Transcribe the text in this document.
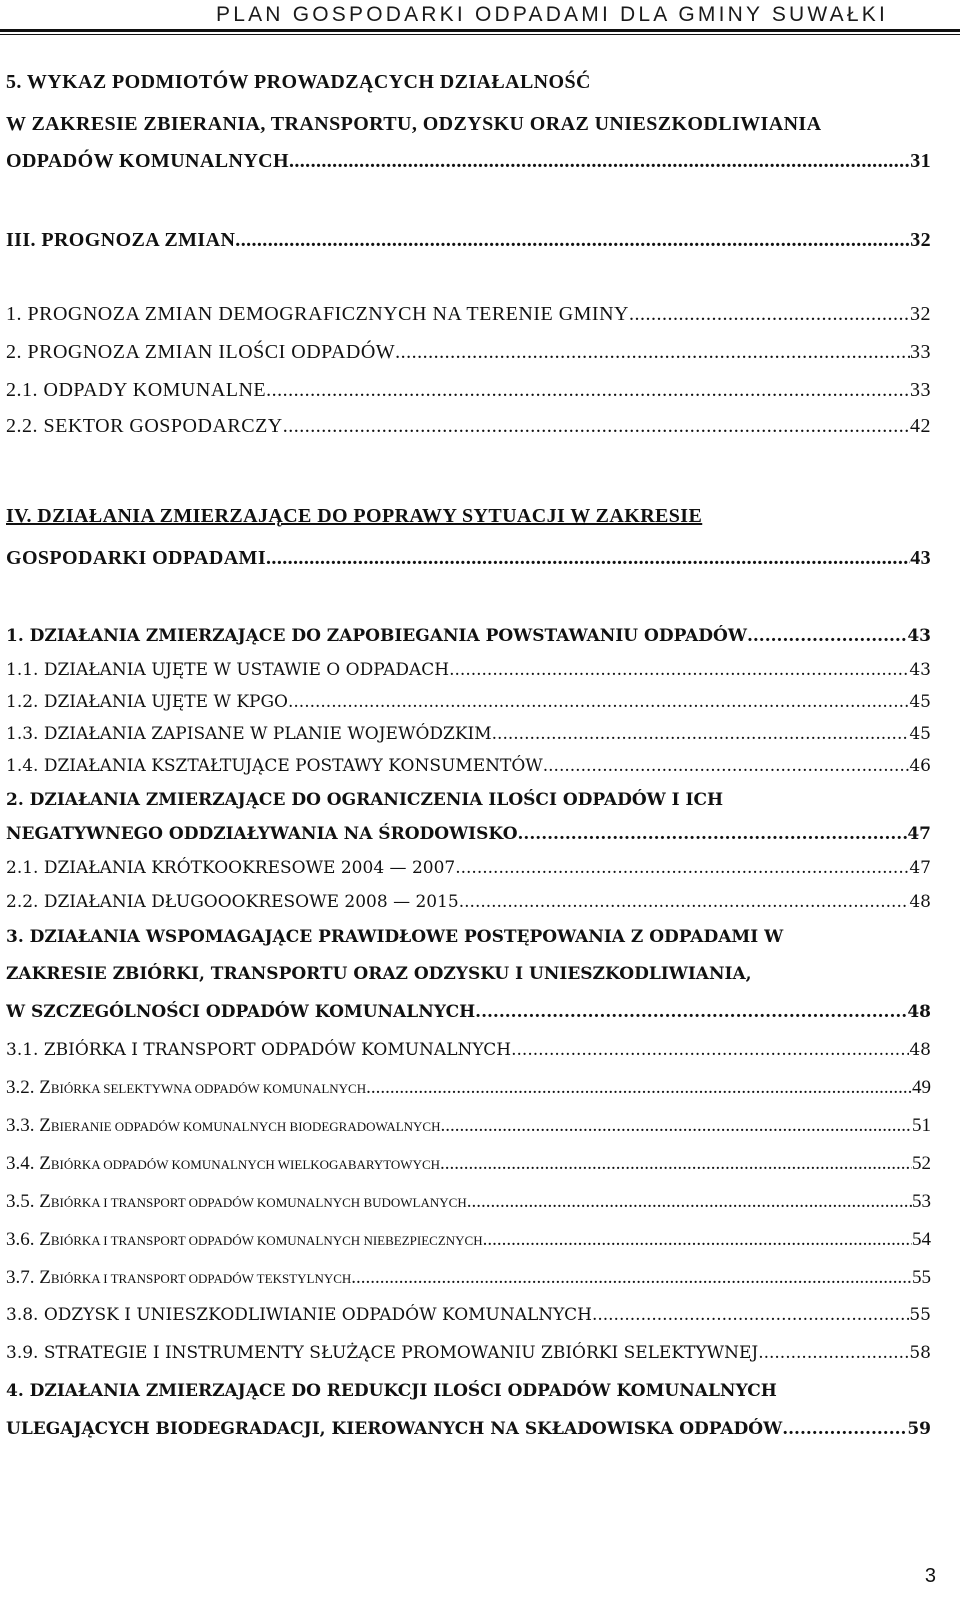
PLAN GOSPODARKI ODPADAMI DLA GMINY SUWAŁKI
5. WYKAZ PODMIOTÓW PROWADZĄCYCH DZIAŁALNOŚĆ
W ZAKRESIE ZBIERANIA, TRANSPORTU, ODZYSKU ORAZ UNIESZKODLIWIANIA
ODPADÓW KOMUNALNYCH .....	31
III. PROGNOZA ZMIAN .....	32
1. PROGNOZA ZMIAN DEMOGRAFICZNYCH NA TERENIE GMINY .....	32
2. PROGNOZA ZMIAN ILOŚCI ODPADÓW .....	33
2.1. ODPADY KOMUNALNE .....	33
2.2. SEKTOR GOSPODARCZY .....	42
IV. DZIAŁANIA ZMIERZAJĄCE DO POPRAWY SYTUACJI W ZAKRESIE
GOSPODARKI ODPADAMI .....	43
1. DZIAŁANIA ZMIERZAJĄCE DO ZAPOBIEGANIA POWSTAWANIU ODPADÓW .....	43
1.1. DZIAŁANIA UJĘTE W USTAWIE O ODPADACH .....	43
1.2. DZIAŁANIA UJĘTE W KPGO .....	45
1.3. DZIAŁANIA ZAPISANE W PLANIE WOJEWÓDZKIM .....	45
1.4. DZIAŁANIA KSZTAŁTUJĄCE POSTAWY KONSUMENTÓW .....	46
2. DZIAŁANIA ZMIERZAJĄCE DO OGRANICZENIA ILOŚCI ODPADÓW I ICH
NEGATYWNEGO ODDZIAŁYWANIA NA ŚRODOWISKO .....	47
2.1. DZIAŁANIA KRÓTKOOKRESOWE 2004 — 2007 .....	47
2.2. DZIAŁANIA DŁUGOOOKRESOWE 2008 — 2015 .....	48
3. DZIAŁANIA WSPOMAGAJĄCE PRAWIDŁOWE POSTĘPOWANIA Z ODPADAMI W
ZAKRESIE ZBIÓRKI, TRANSPORTU ORAZ ODZYSKU I UNIESZKODLIWIANIA,
W SZCZEGÓLNOŚCI ODPADÓW KOMUNALNYCH .....	48
3.1. ZBIÓRKA I TRANSPORT ODPADÓW KOMUNALNYCH .....	48
3.2. ZBIÓRKA SELEKTYWNA ODPADÓW KOMUNALNYCH .....	49
3.3. ZBIERANIE ODPADÓW KOMUNALNYCH BIODEGRADOWALNYCH .....	51
3.4. ZBIÓRKA ODPADÓW KOMUNALNYCH WIELKOGABARYTOWYCH .....	52
3.5. ZBIÓRKA I TRANSPORT ODPADÓW KOMUNALNYCH BUDOWLANYCH .....	53
3.6. ZBIÓRKA I TRANSPORT ODPADÓW KOMUNALNYCH NIEBEZPIECZNYCH .....	54
3.7. ZBIÓRKA I TRANSPORT ODPADÓW TEKSTYLNYCH .....	55
3.8. ODZYSK I UNIESZKODLIWIANIE ODPADÓW KOMUNALNYCH .....	55
3.9. STRATEGIE I INSTRUMENTY SŁUŻĄCE PROMOWANIU ZBIÓRKI SELEKTYWNEJ .....	58
4. DZIAŁANIA ZMIERZAJĄCE DO REDUKCJI ILOŚCI ODPADÓW KOMUNALNYCH
ULEGAJĄCYCH BIODEGRADACJI, KIEROWANYCH NA SKŁADOWISKA ODPADÓW .....	59
3
